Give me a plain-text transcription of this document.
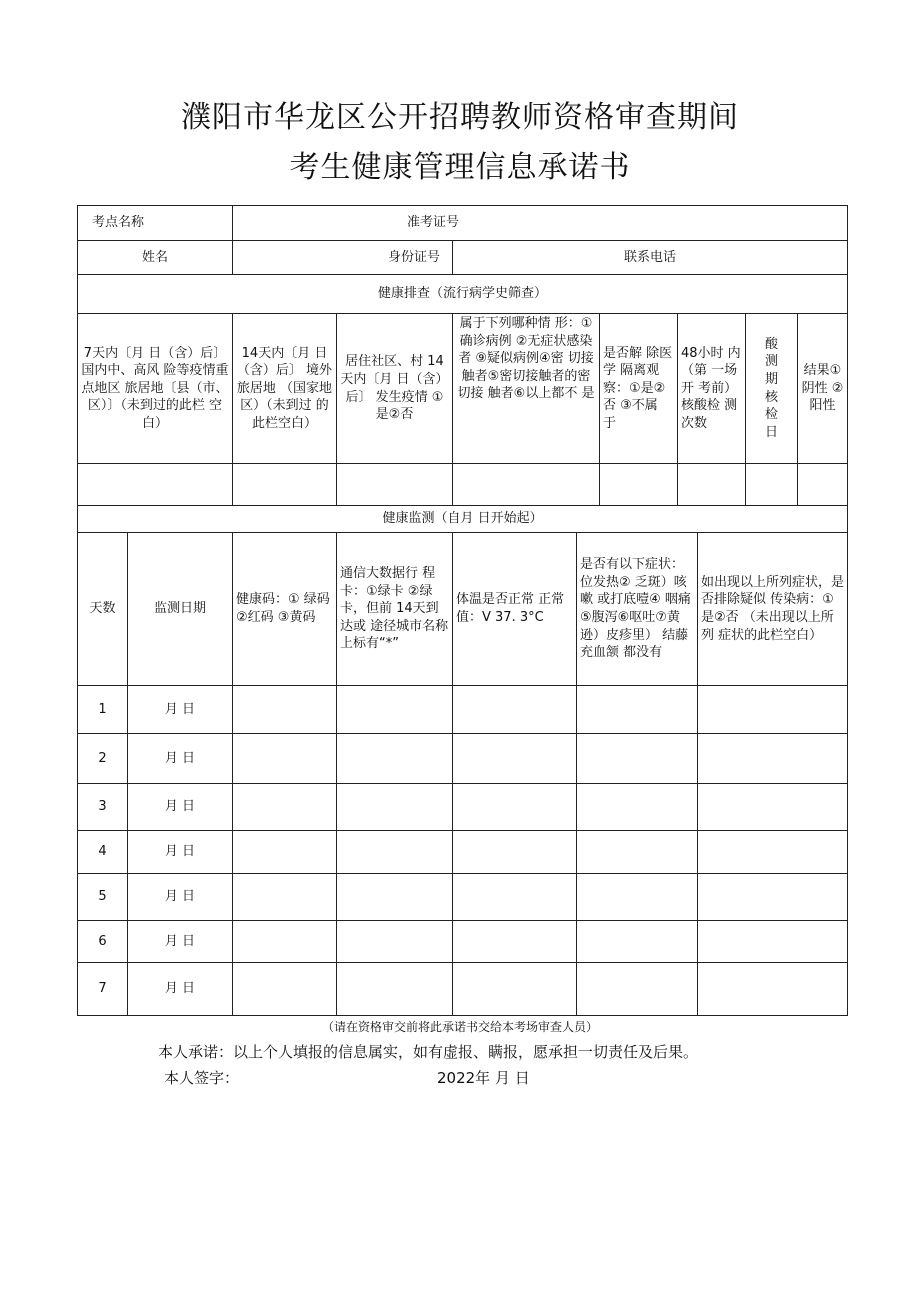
濮阳市华龙区公开招聘教师资格审查期间
考生健康管理信息承诺书
考点名称	准考证号						
姓名	身份证号		联系电话				
健康排查（流行病学史筛查）							
7天内〔月 日（含）后〕国内中、高风 险等疫情重点地区 旅居地〔县（市、 区）〕（未到过的此栏 空白）	14天内〔月 日（含）后〕 境外旅居地 （国家地 区）（未到过 的此栏空白）	居住社区、村 14天内〔月 日（含）后〕 发生疫情 ①是②否	属于下列哪种情 形：①确诊病例 ②无症状感染者 ⑨疑似病例④密 切接触者⑤密切接触者的密切接 触者⑥以上都不 是	是否解 除医学 隔离观 察：①是②否 ③不属 于	48小时 内（第 一场开 考前）核酸检 测次数	酸测期核检日	结果①阴性 ②阳性

健康监测（自月 日开始起）						
天数	监测日期	健康码：① 绿码②红码 ③黄码	通信大数据行 程卡：①绿卡 ②绿卡，但前 14天到达或 途径城市名称 上标有“*”	体温是否正常 正常值：V 37. 3°C	是否有以下症状：位发热② 乏斑）咳嗽 或打底噎④ 咽痛⑤腹泻⑥呕吐⑦黄 逊）皮疹里） 结藤充血颔 都没有	如出现以上所列症状，是否排除疑似 传染病：①是②否 （未出现以上所列 症状的此栏空白）
1	月 日					
2	月 日					
3	月 日					
4	月 日					
5	月 日					
6	月 日					
7	月 日					
（请在资格审交前将此承诺书交给本考场审查人员）
本人承诺：以上个人填报的信息属实，如有虚报、瞒报，愿承担一切责任及后果。
本人签字：	2022年 月 日
